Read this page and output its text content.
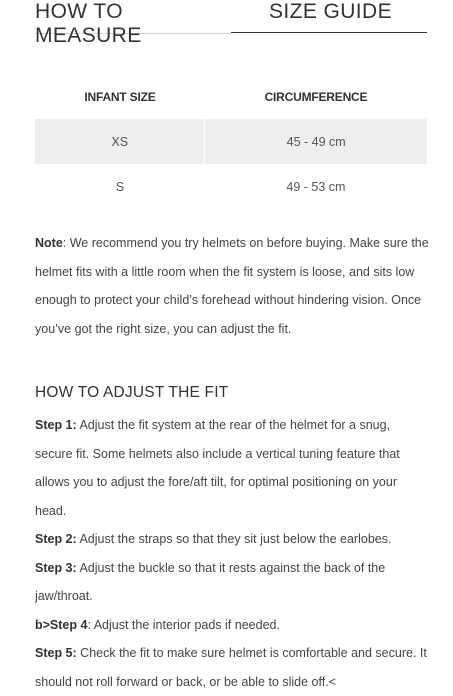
HOW TO MEASURE
SIZE GUIDE
INFANT SIZE	CIRCUMFERENCE
XS	45 - 49 cm
S	49 - 53 cm
Note: We recommend you try helmets on before buying. Make sure the helmet fits with a little room when the fit system is loose, and sits low enough to protect your child’s forehead without hindering vision. Once you’ve got the right size, you can adjust the fit.
HOW TO ADJUST THE FIT
Step 1: Adjust the fit system at the rear of the helmet for a snug, secure fit. Some helmets also include a vertical tuning feature that allows you to adjust the fore/aft tilt, for optimal positioning on your head.
Step 2: Adjust the straps so that they sit just below the earlobes.
Step 3: Adjust the buckle so that it rests against the back of the jaw/throat.
b>Step 4: Adjust the interior pads if needed.
Step 5: Check the fit to make sure helmet is comfortable and secure. It should not roll forward or back, or be able to slide off.<
